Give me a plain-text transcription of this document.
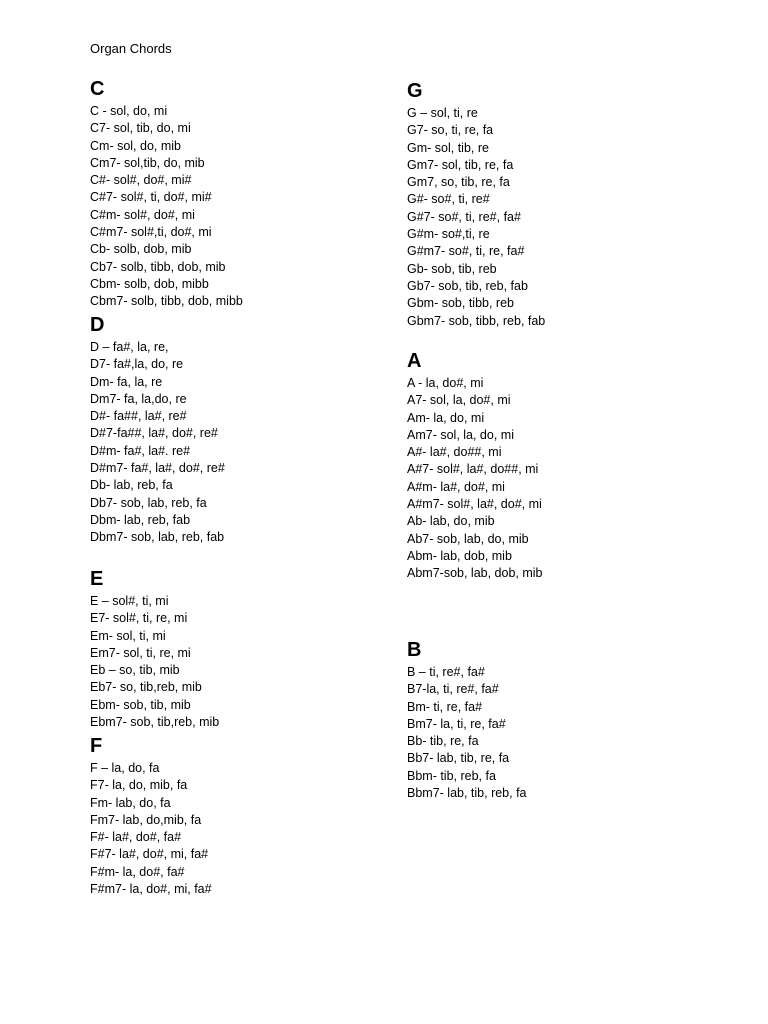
Organ Chords
C
C - sol, do, mi
C7- sol, tib, do, mi
Cm- sol, do, mib
Cm7- sol,tib, do, mib
C#- sol#, do#, mi#
C#7- sol#, ti, do#, mi#
C#m- sol#, do#, mi
C#m7- sol#,ti, do#, mi
Cb- solb, dob, mib
Cb7- solb, tibb, dob, mib
Cbm- solb, dob, mibb
Cbm7- solb, tibb, dob, mibb
D
D – fa#, la, re,
D7- fa#,la, do, re
Dm- fa, la, re
Dm7- fa, la,do, re
D#- fa##, la#, re#
D#7-fa##, la#, do#, re#
D#m- fa#, la#. re#
D#m7- fa#, la#, do#, re#
Db- lab, reb, fa
Db7- sob, lab, reb, fa
Dbm- lab, reb, fab
Dbm7- sob, lab, reb, fab
E
E – sol#, ti, mi
E7- sol#, ti, re, mi
Em- sol, ti, mi
Em7- sol, ti, re, mi
Eb – so, tib, mib
Eb7- so, tib,reb, mib
Ebm- sob, tib, mib
Ebm7- sob, tib,reb, mib
F
F – la, do, fa
F7- la, do, mib, fa
Fm- lab, do, fa
Fm7- lab, do,mib, fa
F#- la#, do#, fa#
F#7- la#, do#, mi, fa#
F#m- la, do#, fa#
F#m7- la, do#, mi, fa#
G
G – sol, ti, re
G7- so, ti, re, fa
Gm- sol, tib, re
Gm7- sol, tib, re, fa
Gm7, so, tib, re, fa
G#- so#, ti, re#
G#7- so#, ti, re#, fa#
G#m- so#,ti, re
G#m7- so#, ti, re, fa#
Gb- sob, tib, reb
Gb7- sob, tib, reb, fab
Gbm- sob, tibb, reb
Gbm7- sob, tibb, reb, fab
A
A - la, do#, mi
A7- sol, la, do#, mi
Am- la, do, mi
Am7- sol, la, do, mi
A#- la#, do##, mi
A#7- sol#, la#, do##, mi
A#m- la#, do#, mi
A#m7- sol#, la#, do#, mi
Ab- lab, do, mib
Ab7- sob, lab, do, mib
Abm- lab, dob, mib
Abm7-sob, lab, dob, mib
B
B – ti, re#, fa#
B7-la, ti, re#, fa#
Bm- ti, re, fa#
Bm7- la, ti, re, fa#
Bb- tib, re, fa
Bb7- lab, tib, re, fa
Bbm- tib, reb, fa
Bbm7- lab, tib, reb, fa
